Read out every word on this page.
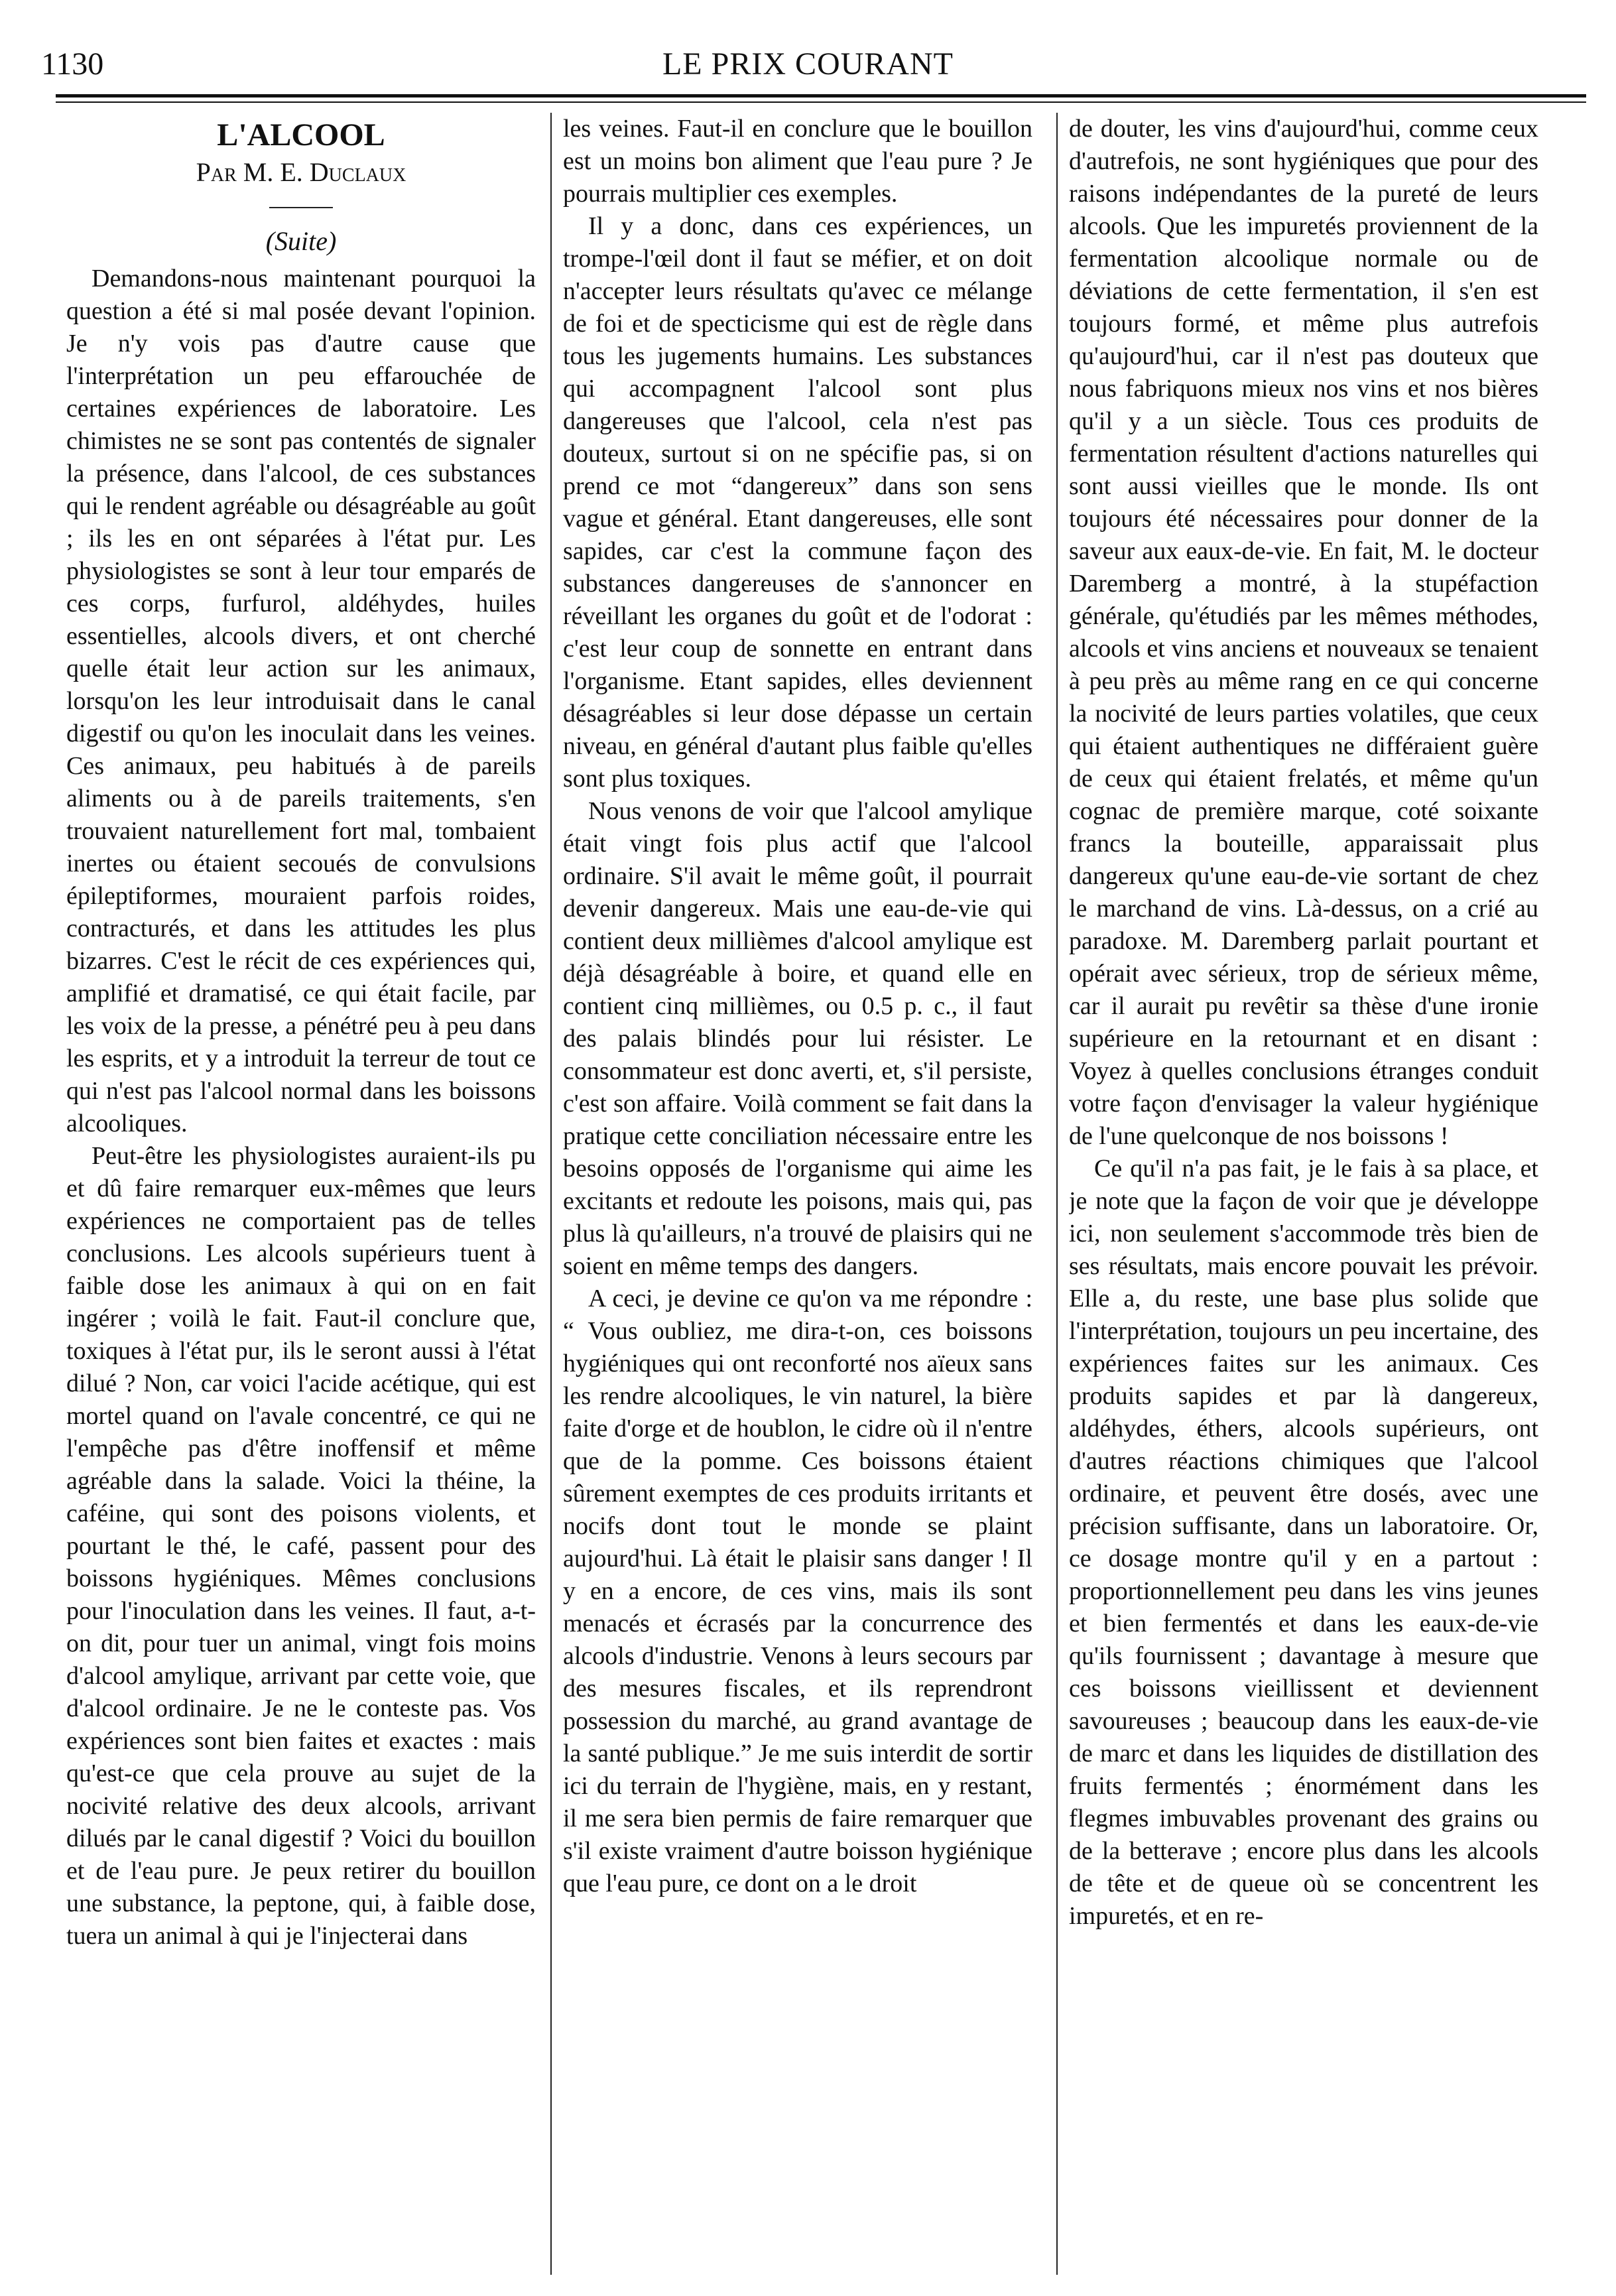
LE PRIX COURANT
1130

L'ALCOOL

Par M. E. Duclaux

(Suite)

Demandons-nous maintenant pourquoi la question a été si mal posée devant l'opinion. Je n'y vois pas d'autre cause que l'interprétation un peu effarouchée de certaines expériences de laboratoire. Les chimistes ne se sont pas contentés de signaler la présence, dans l'alcool, de ces substances qui le rendent agréable ou désagréable au goût ; ils les en ont séparées à l'état pur. Les physiologistes se sont à leur tour emparés de ces corps, furfurol, aldéhydes, huiles essentielles, alcools divers, et ont cherché quelle était leur action sur les animaux, lorsqu'on les leur introduisait dans le canal digestif ou qu'on les inoculait dans les veines. Ces animaux, peu habitués à de pareils aliments ou à de pareils traitements, s'en trouvaient naturellement fort mal, tombaient inertes ou étaient secoués de convulsions épileptiformes, mouraient parfois roides, contracturés, et dans les attitudes les plus bizarres. C'est le récit de ces expériences qui, amplifié et dramatisé, ce qui était facile, par les voix de la presse, a pénétré peu à peu dans les esprits, et y a introduit la terreur de tout ce qui n'est pas l'alcool normal dans les boissons alcooliques.

Peut-être les physiologistes auraient-ils pu et dû faire remarquer eux-mêmes que leurs expériences ne comportaient pas de telles conclusions. Les alcools supérieurs tuent à faible dose les animaux à qui on en fait ingérer ; voilà le fait. Faut-il conclure que, toxiques à l'état pur, ils le seront aussi à l'état dilué ? Non, car voici l'acide acétique, qui est mortel quand on l'avale concentré, ce qui ne l'empêche pas d'être inoffensif et même agréable dans la salade. Voici la théine, la caféine, qui sont des poisons violents, et pourtant le thé, le café, passent pour des boissons hygiéniques. Mêmes conclusions pour l'inoculation dans les veines. Il faut, a-t-on dit, pour tuer un animal, vingt fois moins d'alcool amylique, arrivant par cette voie, que d'alcool ordinaire. Je ne le conteste pas. Vos expériences sont bien faites et exactes : mais qu'est-ce que cela prouve au sujet de la nocivité relative des deux alcools, arrivant dilués par le canal digestif ? Voici du bouillon et de l'eau pure. Je peux retirer du bouillon une substance, la peptone, qui, à faible dose, tuera un animal à qui je l'injecterai dans

les veines. Faut-il en conclure que le bouillon est un moins bon aliment que l'eau pure ? Je pourrais multiplier ces exemples.

Il y a donc, dans ces expériences, un trompe-l'œil dont il faut se méfier, et on doit n'accepter leurs résultats qu'avec ce mélange de foi et de specticisme qui est de règle dans tous les jugements humains. Les substances qui accompagnent l'alcool sont plus dangereuses que l'alcool, cela n'est pas douteux, surtout si on ne spécifie pas, si on prend ce mot “dangereux” dans son sens vague et général. Etant dangereuses, elle sont sapides, car c'est la commune façon des substances dangereuses de s'annoncer en réveillant les organes du goût et de l'odorat : c'est leur coup de sonnette en entrant dans l'organisme. Etant sapides, elles deviennent désagréables si leur dose dépasse un certain niveau, en général d'autant plus faible qu'elles sont plus toxiques.

Nous venons de voir que l'alcool amylique était vingt fois plus actif que l'alcool ordinaire. S'il avait le même goût, il pourrait devenir dangereux. Mais une eau-de-vie qui contient deux millièmes d'alcool amylique est déjà désagréable à boire, et quand elle en contient cinq millièmes, ou 0.5 p. c., il faut des palais blindés pour lui résister. Le consommateur est donc averti, et, s'il persiste, c'est son affaire. Voilà comment se fait dans la pratique cette conciliation nécessaire entre les besoins opposés de l'organisme qui aime les excitants et redoute les poisons, mais qui, pas plus là qu'ailleurs, n'a trouvé de plaisirs qui ne soient en même temps des dangers.

A ceci, je devine ce qu'on va me répondre : “ Vous oubliez, me dira-t-on, ces boissons hygiéniques qui ont reconforté nos aïeux sans les rendre alcooliques, le vin naturel, la bière faite d'orge et de houblon, le cidre où il n'entre que de la pomme. Ces boissons étaient sûrement exemptes de ces produits irritants et nocifs dont tout le monde se plaint aujourd'hui. Là était le plaisir sans danger ! Il y en a encore, de ces vins, mais ils sont menacés et écrasés par la concurrence des alcools d'industrie. Venons à leurs secours par des mesures fiscales, et ils reprendront possession du marché, au grand avantage de la santé publique.” Je me suis interdit de sortir ici du terrain de l'hygiène, mais, en y restant, il me sera bien permis de faire remarquer que s'il existe vraiment d'autre boisson hygiénique que l'eau pure, ce dont on a le droit

de douter, les vins d'aujourd'hui, comme ceux d'autrefois, ne sont hygiéniques que pour des raisons indépendantes de la pureté de leurs alcools. Que les impuretés proviennent de la fermentation alcoolique normale ou de déviations de cette fermentation, il s'en est toujours formé, et même plus autrefois qu'aujourd'hui, car il n'est pas douteux que nous fabriquons mieux nos vins et nos bières qu'il y a un siècle. Tous ces produits de fermentation résultent d'actions naturelles qui sont aussi vieilles que le monde. Ils ont toujours été nécessaires pour donner de la saveur aux eaux-de-vie. En fait, M. le docteur Daremberg a montré, à la stupéfaction générale, qu'étudiés par les mêmes méthodes, alcools et vins anciens et nouveaux se tenaient à peu près au même rang en ce qui concerne la nocivité de leurs parties volatiles, que ceux qui étaient authentiques ne différaient guère de ceux qui étaient frelatés, et même qu'un cognac de première marque, coté soixante francs la bouteille, apparaissait plus dangereux qu'une eau-de-vie sortant de chez le marchand de vins. Là-dessus, on a crié au paradoxe. M. Daremberg parlait pourtant et opérait avec sérieux, trop de sérieux même, car il aurait pu revêtir sa thèse d'une ironie supérieure en la retournant et en disant : Voyez à quelles conclusions étranges conduit votre façon d'envisager la valeur hygiénique de l'une quelconque de nos boissons !

Ce qu'il n'a pas fait, je le fais à sa place, et je note que la façon de voir que je développe ici, non seulement s'accommode très bien de ses résultats, mais encore pouvait les prévoir. Elle a, du reste, une base plus solide que l'interprétation, toujours un peu incertaine, des expériences faites sur les animaux. Ces produits sapides et par là dangereux, aldéhydes, éthers, alcools supérieurs, ont d'autres réactions chimiques que l'alcool ordinaire, et peuvent être dosés, avec une précision suffisante, dans un laboratoire. Or, ce dosage montre qu'il y en a partout : proportionnellement peu dans les vins jeunes et bien fermentés et dans les eaux-de-vie qu'ils fournissent ; davantage à mesure que ces boissons vieillissent et deviennent savoureuses ; beaucoup dans les eaux-de-vie de marc et dans les liquides de distillation des fruits fermentés ; énormément dans les flegmes imbuvables provenant des grains ou de la betterave ; encore plus dans les alcools de tête et de queue où se concentrent les impuretés, et en re-
